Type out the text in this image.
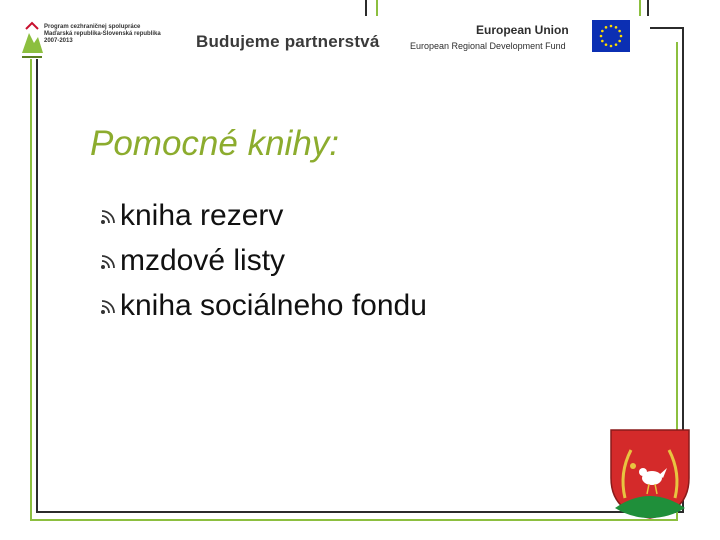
Program cezhraničnej spolupráce
Maďarská republika-Slovenská republika
2007-2013	Budujeme partnerstvá
European Union
European Regional Development Fund
Pomocné knihy:
kniha rezerv
mzdové listy
kniha sociálneho fondu
